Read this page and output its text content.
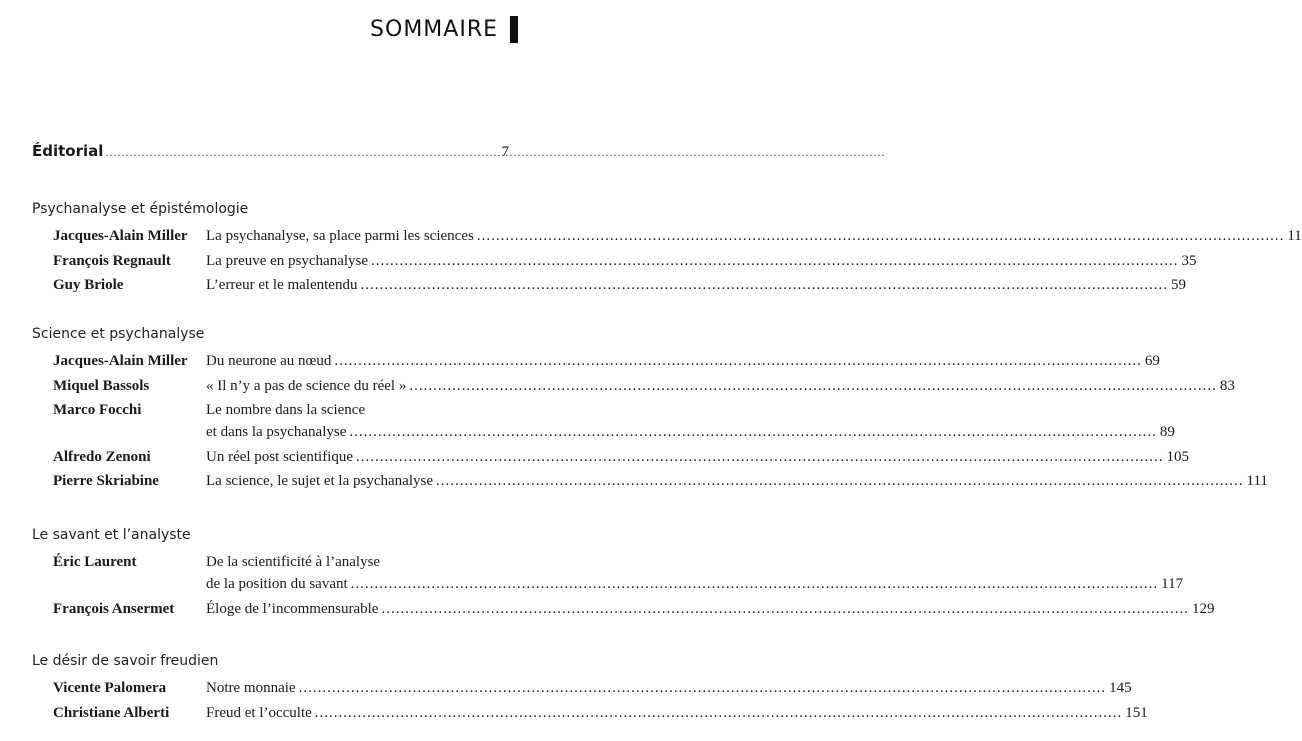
SOMMAIRE
Éditorial .....	7
Psychanalyse et épistémologie
Jacques-Alain Miller	La psychanalyse, sa place parmi les sciences .....	11
François Regnault	La preuve en psychanalyse .....	35
Guy Briole	L’erreur et le malentendu .....	59
Science et psychanalyse
Jacques-Alain Miller	Du neurone au nœud .....	69
Miquel Bassols	« Il n’y a pas de science du réel » .....	83
Marco Focchi	Le nombre dans la science
et dans la psychanalyse .....	89
Alfredo Zenoni	Un réel post scientifique .....	105
Pierre Skriabine	La science, le sujet et la psychanalyse .....	111
Le savant et l’analyste
Éric Laurent	De la scientificité à l’analyse
de la position du savant .....	117
François Ansermet	Éloge de l’incommensurable .....	129
Le désir de savoir freudien
Vicente Palomera	Notre monnaie .....	145
Christiane Alberti	Freud et l’occulte .....	151
